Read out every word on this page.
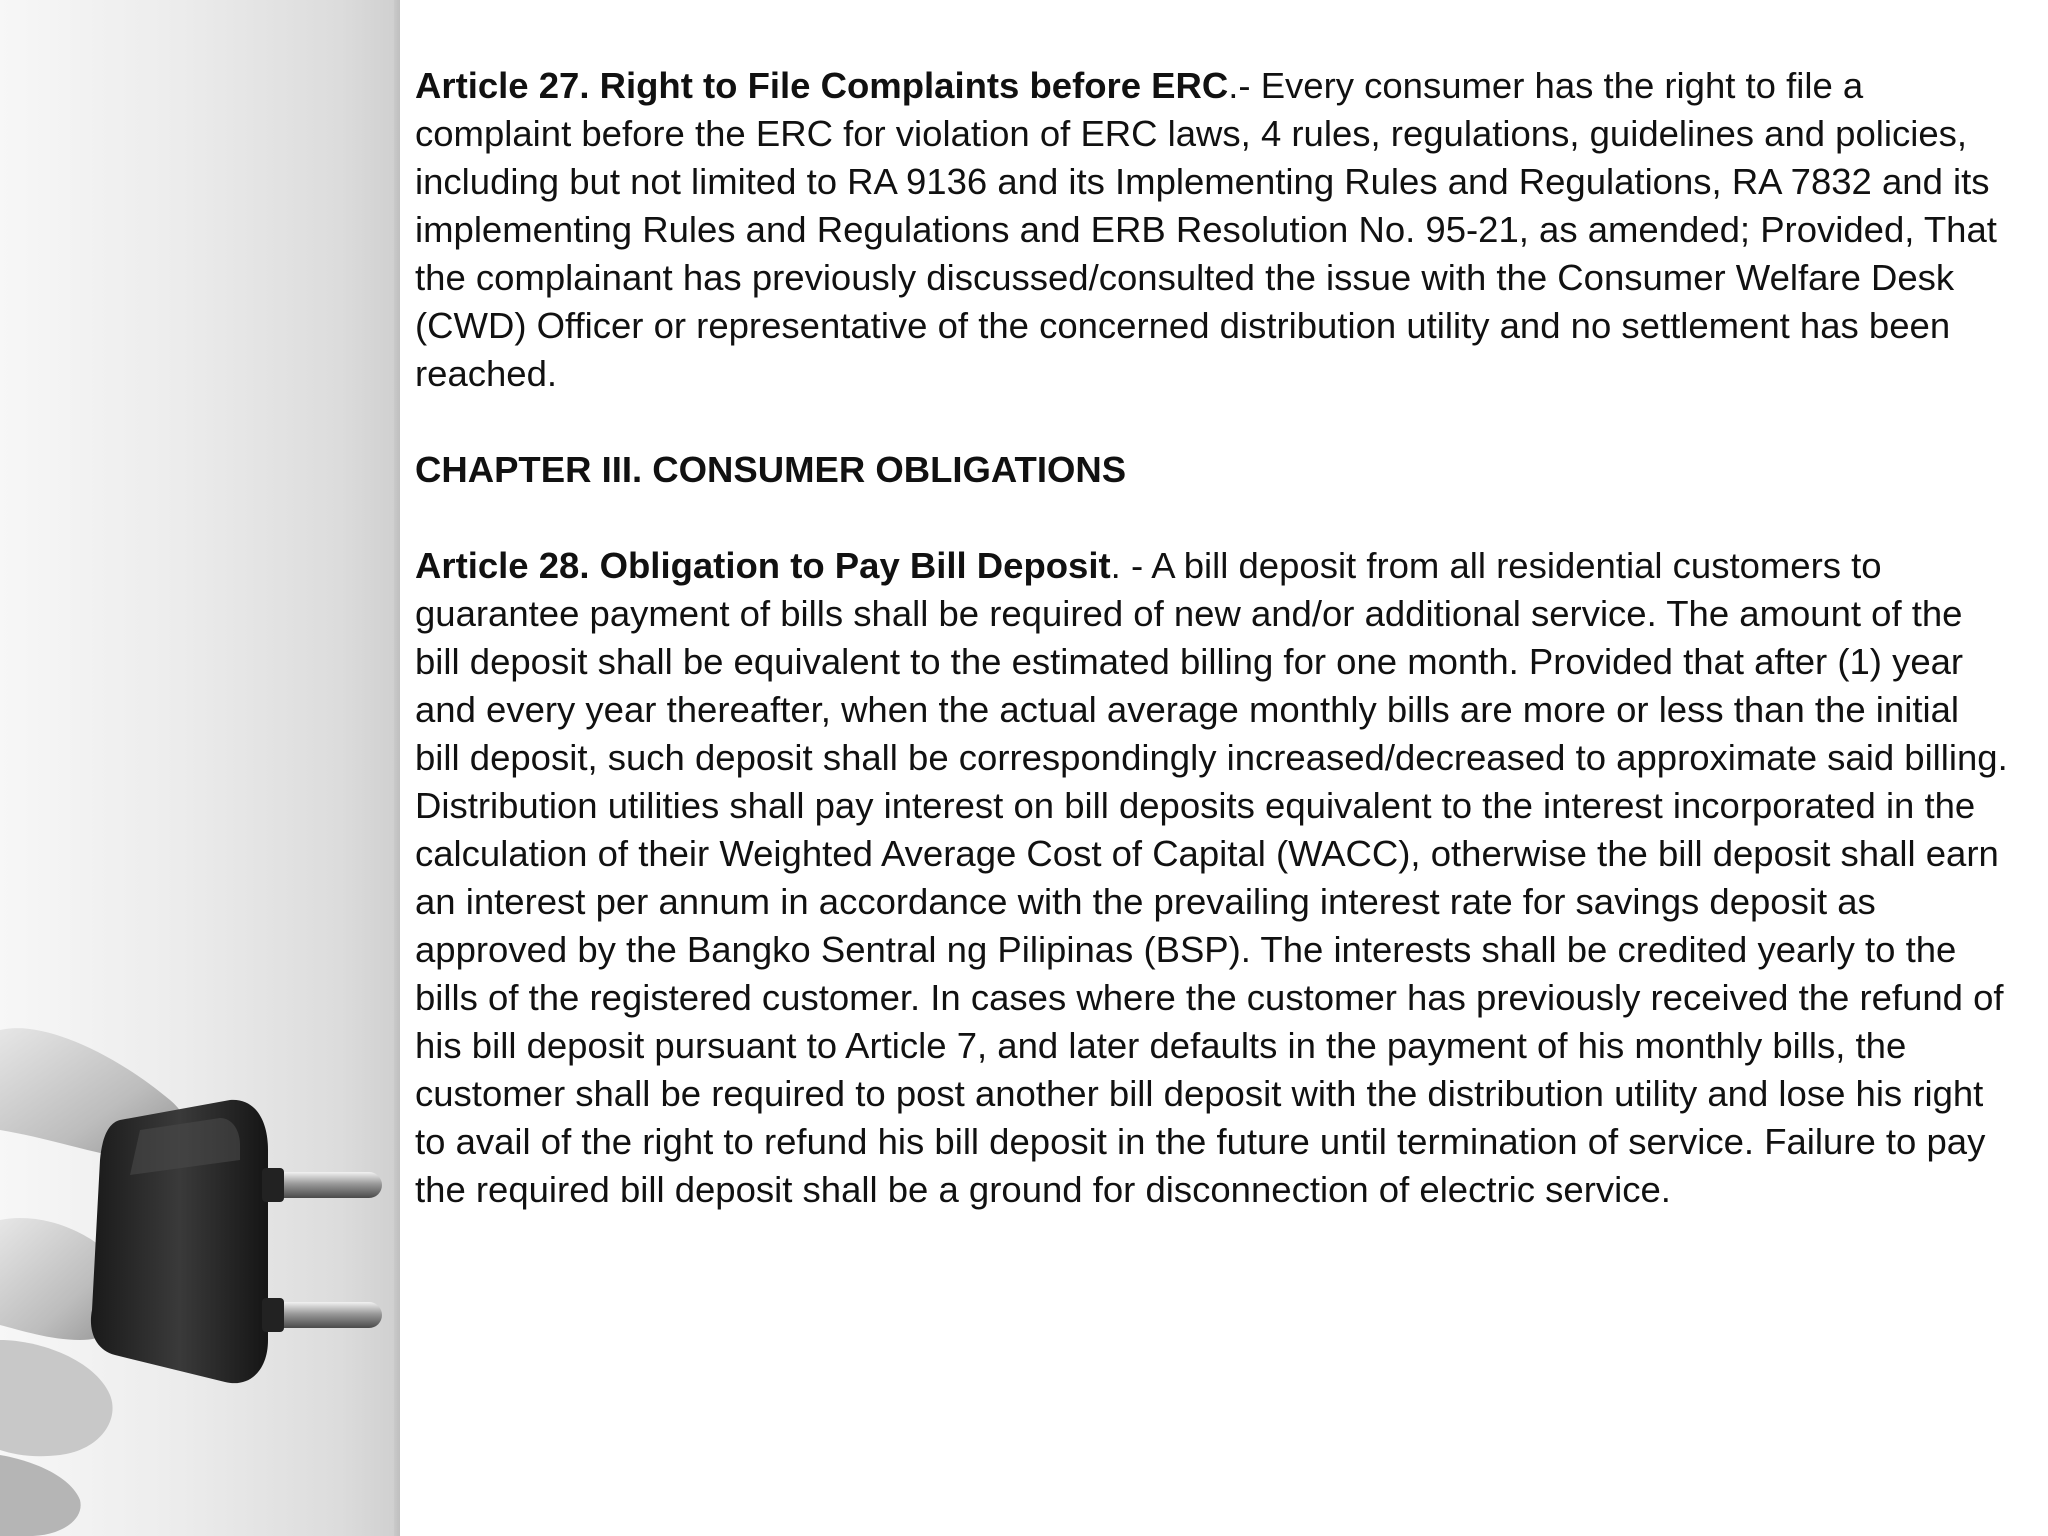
Article 27. Right to File Complaints before ERC.- Every consumer has the right to file a complaint before the ERC for violation of ERC laws, 4 rules, regulations, guidelines and policies, including but not limited to RA 9136 and its Implementing Rules and Regulations, RA 7832 and its implementing Rules and Regulations and ERB Resolution No. 95-21, as amended; Provided, That the complainant has previously discussed/consulted the issue with the Consumer Welfare Desk (CWD) Officer or representative of the concerned distribution utility and no settlement has been reached.

CHAPTER III. CONSUMER OBLIGATIONS

Article 28. Obligation to Pay Bill Deposit. - A bill deposit from all residential customers to guarantee payment of bills shall be required of new and/or additional service. The amount of the bill deposit shall be equivalent to the estimated billing for one month. Provided that after (1) year and every year thereafter, when the actual average monthly bills are more or less than the initial bill deposit, such deposit shall be correspondingly increased/decreased to approximate said billing. Distribution utilities shall pay interest on bill deposits equivalent to the interest incorporated in the calculation of their Weighted Average Cost of Capital (WACC), otherwise the bill deposit shall earn an interest per annum in accordance with the prevailing interest rate for savings deposit as approved by the Bangko Sentral ng Pilipinas (BSP). The interests shall be credited yearly to the bills of the registered customer. In cases where the customer has previously received the refund of his bill deposit pursuant to Article 7, and later defaults in the payment of his monthly bills, the customer shall be required to post another bill deposit with the distribution utility and lose his right to avail of the right to refund his bill deposit in the future until termination of service. Failure to pay the required bill deposit shall be a ground for disconnection of electric service.
